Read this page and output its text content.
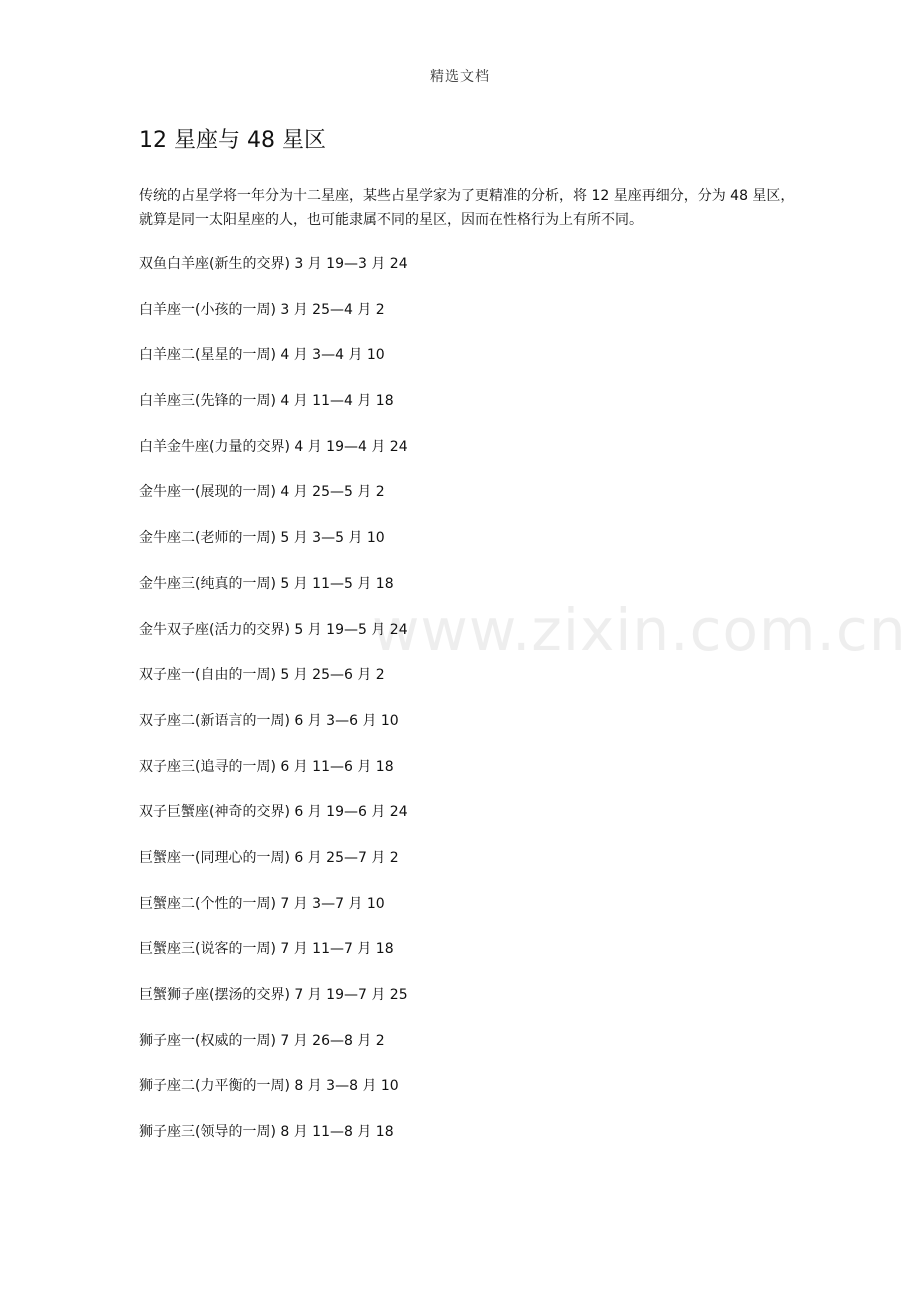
精选文档
12 星座与 48 星区

传统的占星学将一年分为十二星座，某些占星学家为了更精准的分析，将 12 星座再细分，分为 48 星区，就算是同一太阳星座的人，也可能隶属不同的星区，因而在性格行为上有所不同。

www.zixin.com.cn
双鱼白羊座(新生的交界) 3 月 19—3 月 24
白羊座一(小孩的一周) 3 月 25—4 月 2
白羊座二(星星的一周) 4 月 3—4 月 10
白羊座三(先锋的一周) 4 月 11—4 月 18
白羊金牛座(力量的交界) 4 月 19—4 月 24
金牛座一(展现的一周) 4 月 25—5 月 2
金牛座二(老师的一周) 5 月 3—5 月 10
金牛座三(纯真的一周) 5 月 11—5 月 18
金牛双子座(活力的交界) 5 月 19—5 月 24
双子座一(自由的一周) 5 月 25—6 月 2
双子座二(新语言的一周) 6 月 3—6 月 10
双子座三(追寻的一周) 6 月 11—6 月 18
双子巨蟹座(神奇的交界) 6 月 19—6 月 24
巨蟹座一(同理心的一周) 6 月 25—7 月 2
巨蟹座二(个性的一周) 7 月 3—7 月 10
巨蟹座三(说客的一周) 7 月 11—7 月 18
巨蟹狮子座(摆汤的交界) 7 月 19—7 月 25
狮子座一(权威的一周) 7 月 26—8 月 2
狮子座二(力平衡的一周) 8 月 3—8 月 10
狮子座三(领导的一周) 8 月 11—8 月 18
